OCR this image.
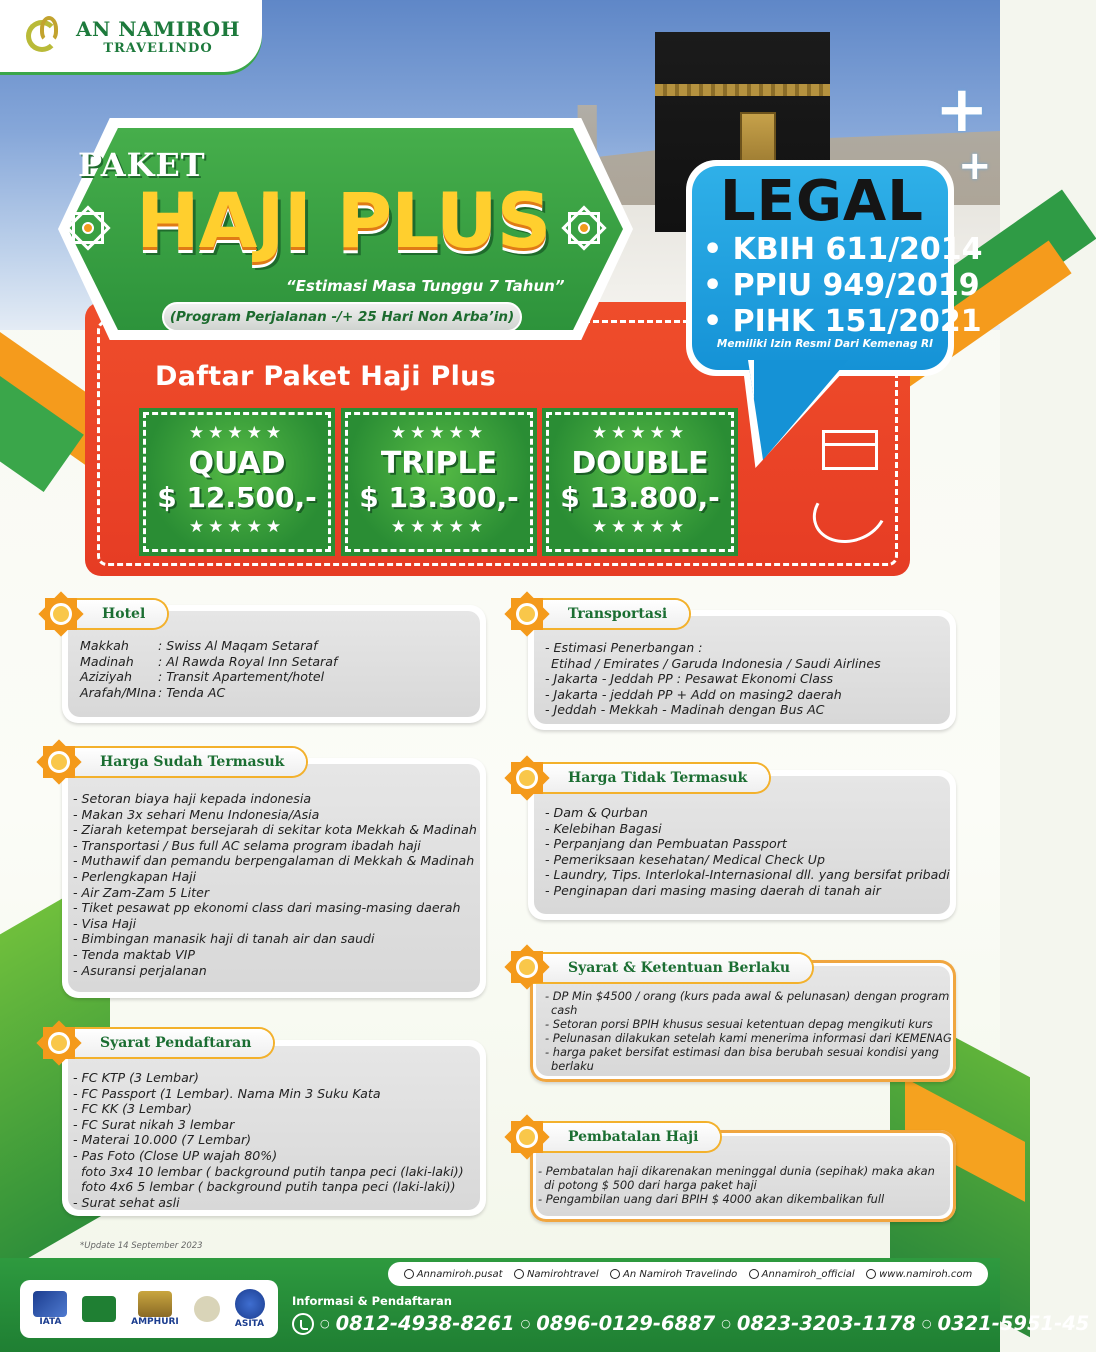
AN NAMIROH
TRAVELINDO
Daftar Paket Haji Plus
★★★★★
QUAD
$ 12.500,-
★★★★★
★★★★★
TRIPLE
$ 13.300,-
★★★★★
★★★★★
DOUBLE
$ 13.800,-
★★★★★
PAKET
HAJI PLUS
“Estimasi Masa Tunggu 7 Tahun”
(Program Perjalanan -/+ 25 Hari Non Arba’in)
LEGAL
• KBIH 611/2014
• PPIU 949/2019
• PIHK 151/2021
Memiliki Izin Resmi Dari Kemenag RI
+
+
Makkah	: Swiss Al Maqam Setaraf
Madinah	: Al Rawda Royal Inn Setaraf
Aziziyah	: Transit Apartement/hotel
Arafah/MIna : Tenda AC
Hotel
- Estimasi Penerbangan :
Etihad / Emirates / Garuda Indonesia / Saudi Airlines
- Jakarta - Jeddah PP : Pesawat Ekonomi Class
- Jakarta - jeddah PP + Add on masing2 daerah
- Jeddah - Mekkah - Madinah dengan Bus AC
Transportasi
- Setoran biaya haji kepada indonesia
- Makan 3x sehari Menu Indonesia/Asia
- Ziarah ketempat bersejarah di sekitar kota Mekkah & Madinah
- Transportasi / Bus full AC selama program ibadah haji
- Muthawif dan pemandu berpengalaman di Mekkah & Madinah
- Perlengkapan Haji
- Air Zam-Zam 5 Liter
- Tiket pesawat pp ekonomi class dari masing-masing daerah
- Visa Haji
- Bimbingan manasik haji di tanah air dan saudi
- Tenda maktab VIP
- Asuransi perjalanan
Harga Sudah Termasuk
- Dam & Qurban
- Kelebihan Bagasi
- Perpanjang dan Pembuatan Passport
- Pemeriksaan kesehatan/ Medical Check Up
- Laundry, Tips. Interlokal-Internasional dll. yang bersifat pribadi
- Penginapan dari masing masing daerah di tanah air
Harga Tidak Termasuk
- DP Min $4500 / orang (kurs pada awal & pelunasan) dengan program
cash
- Setoran porsi BPIH khusus sesuai ketentuan depag mengikuti kurs
- Pelunasan dilakukan setelah kami menerima informasi dari KEMENAG
- harga paket bersifat estimasi dan bisa berubah sesuai kondisi yang
berlaku
Syarat & Ketentuan Berlaku
- FC KTP (3 Lembar)
- FC Passport (1 Lembar). Nama Min 3 Suku Kata
- FC KK (3 Lembar)
- FC Surat nikah 3 lembar
- Materai 10.000 (7 Lembar)
- Pas Foto (Close UP wajah 80%)
foto 3x4 10 lembar ( background putih tanpa peci (laki-laki))
foto 4x6 5 lembar ( background putih tanpa peci (laki-laki))
- Surat sehat asli
Syarat Pendaftaran
- Pembatalan haji dikarenakan meninggal dunia (sepihak) maka akan
di potong $ 500 dari harga paket haji
- Pengambilan uang dari BPIH $ 4000 akan dikembalikan full
Pembatalan Haji
*Update 14 September 2023
Annamiroh.pusat Namirohtravel An Namiroh Travelindo Annamiroh_official www.namiroh.com
IATA	AMPHURI	ASITA
Informasi & Pendaftaran
○ 0812-4938-8261 ○ 0896-0129-6887 ○ 0823-3203-1178 ○ 0321-5951-45
